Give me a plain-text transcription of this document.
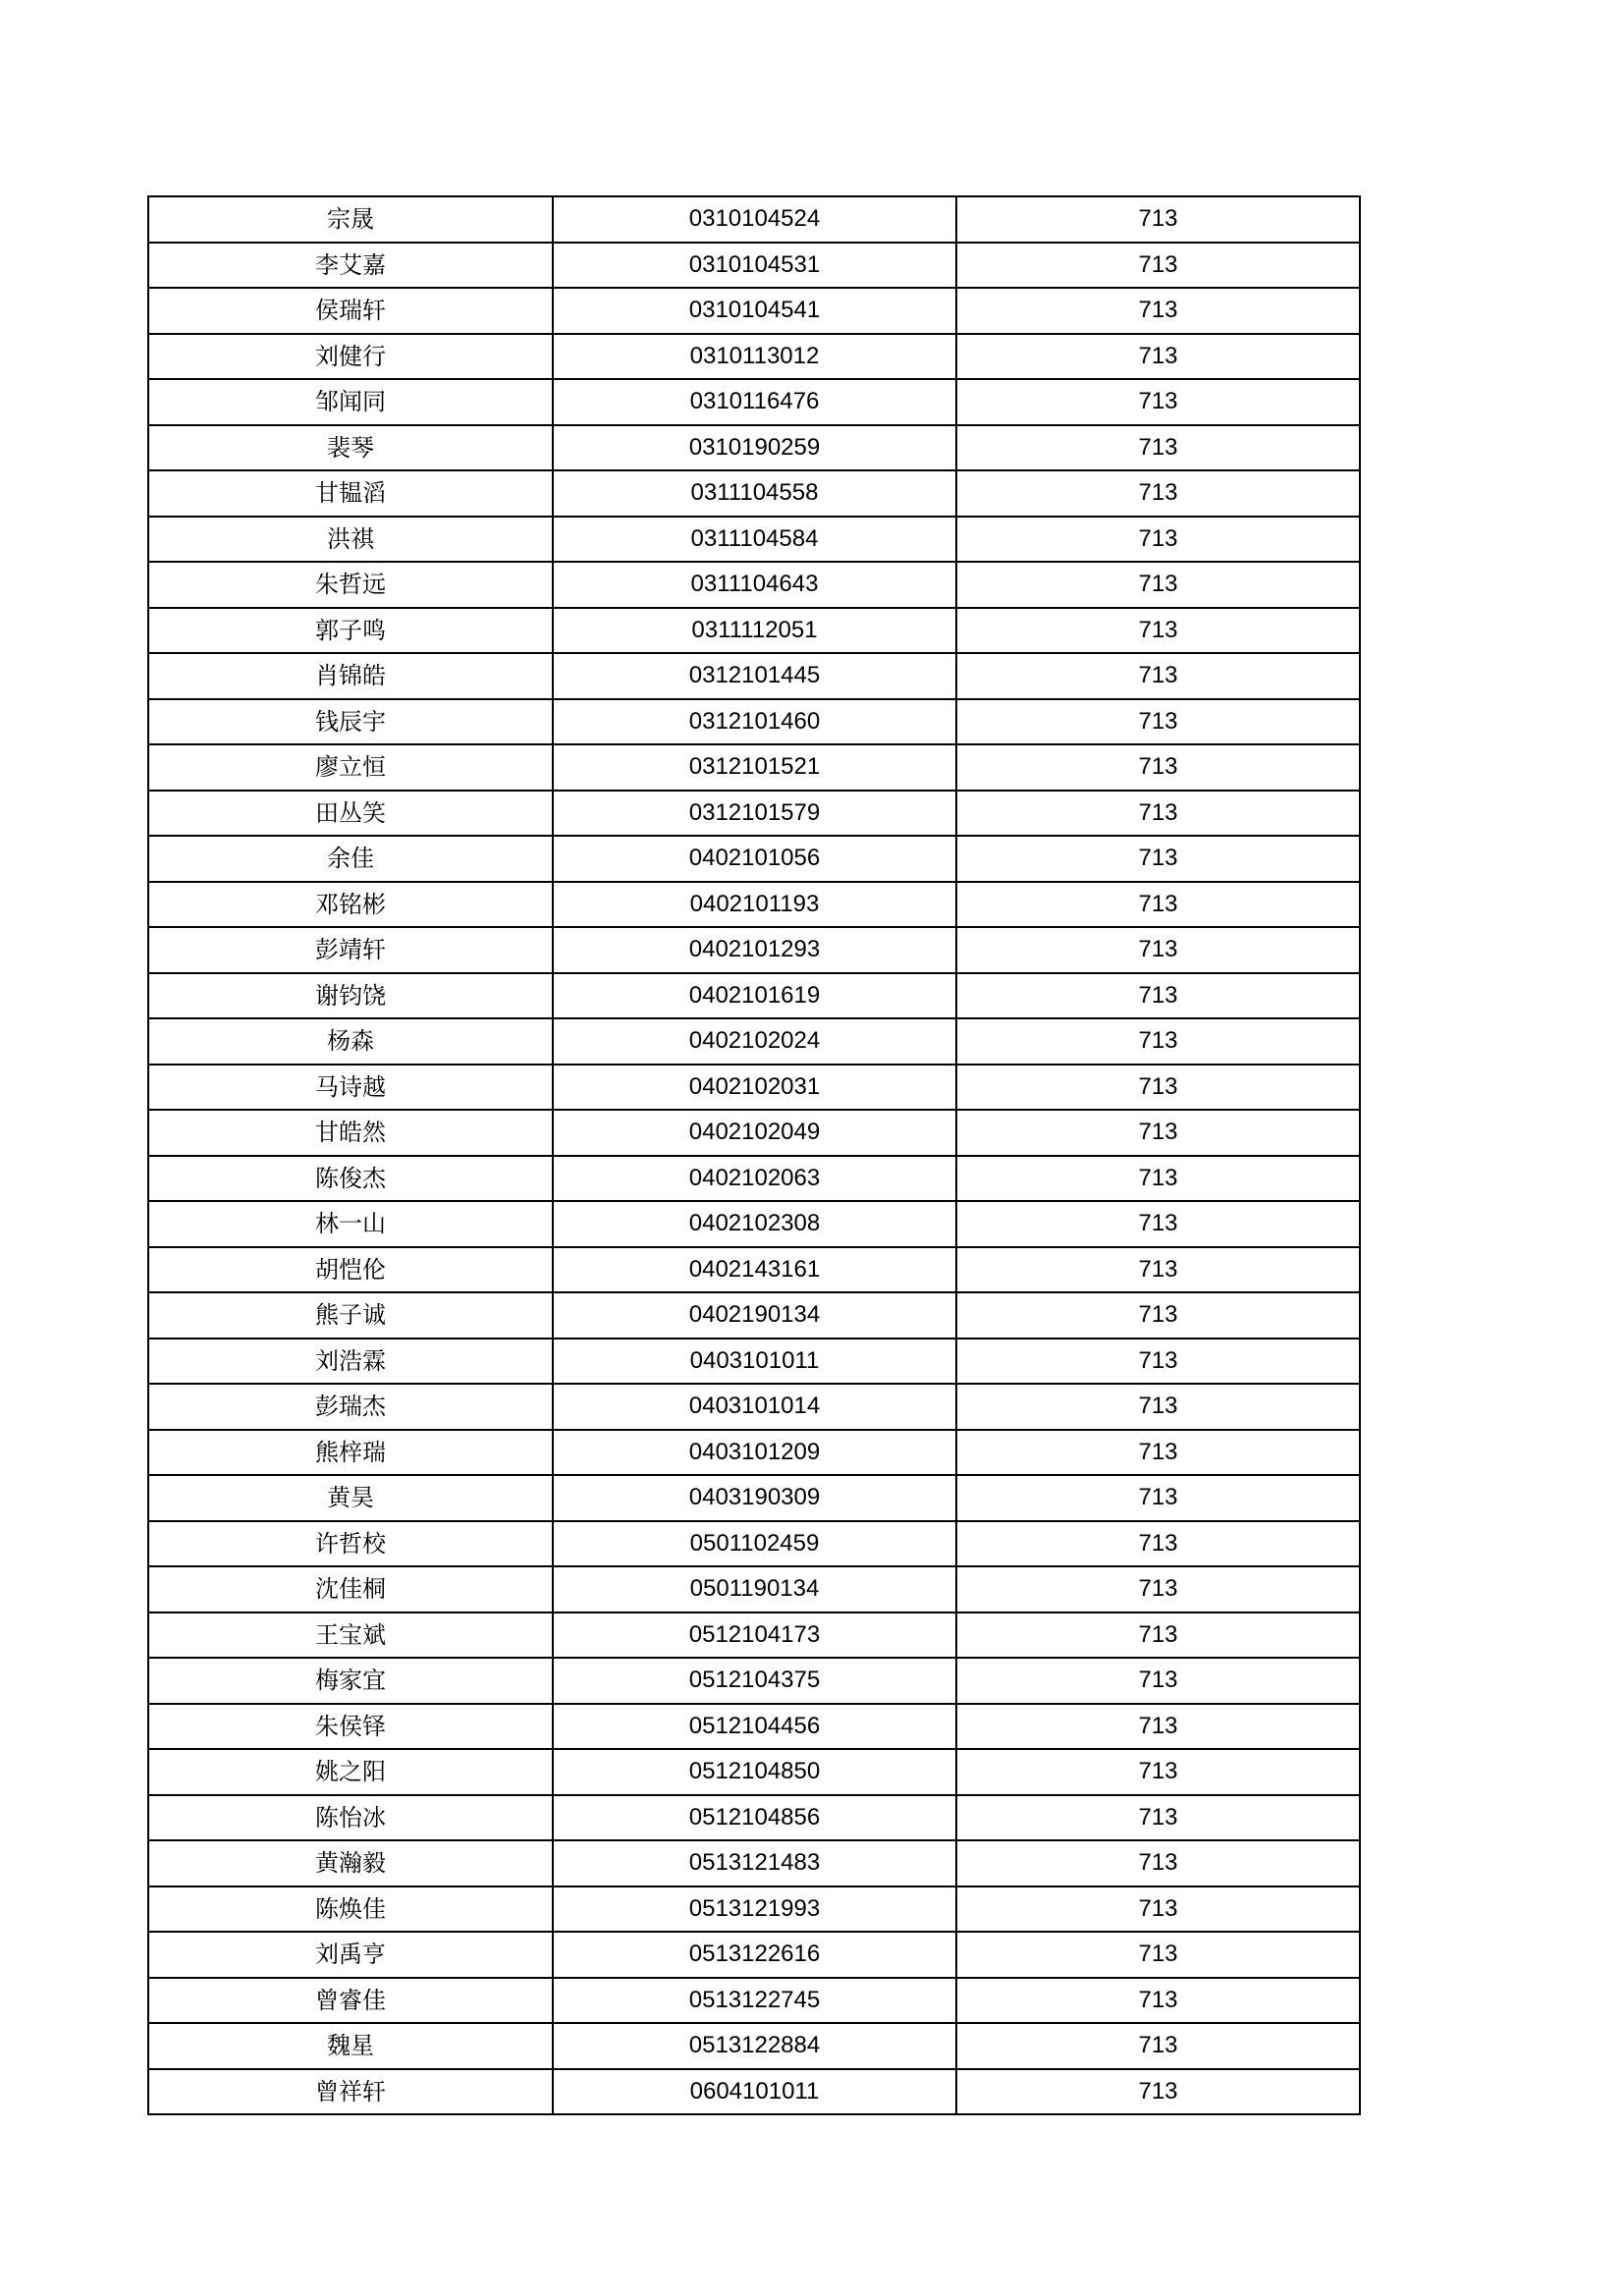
宗晟	0310104524	713
李艾嘉	0310104531	713
侯瑞轩	0310104541	713
刘健行	0310113012	713
邹闻同	0310116476	713
裴琴	0310190259	713
甘韫滔	0311104558	713
洪祺	0311104584	713
朱哲远	0311104643	713
郭子鸣	0311112051	713
肖锦皓	0312101445	713
钱辰宇	0312101460	713
廖立恒	0312101521	713
田丛笑	0312101579	713
余佳	0402101056	713
邓铭彬	0402101193	713
彭靖轩	0402101293	713
谢钧饶	0402101619	713
杨森	0402102024	713
马诗越	0402102031	713
甘皓然	0402102049	713
陈俊杰	0402102063	713
林一山	0402102308	713
胡恺伦	0402143161	713
熊子诚	0402190134	713
刘浩霖	0403101011	713
彭瑞杰	0403101014	713
熊梓瑞	0403101209	713
黄昊	0403190309	713
许哲校	0501102459	713
沈佳桐	0501190134	713
王宝斌	0512104173	713
梅家宜	0512104375	713
朱侯铎	0512104456	713
姚之阳	0512104850	713
陈怡冰	0512104856	713
黄瀚毅	0513121483	713
陈焕佳	0513121993	713
刘禹亨	0513122616	713
曾睿佳	0513122745	713
魏星	0513122884	713
曾祥轩	0604101011	713
